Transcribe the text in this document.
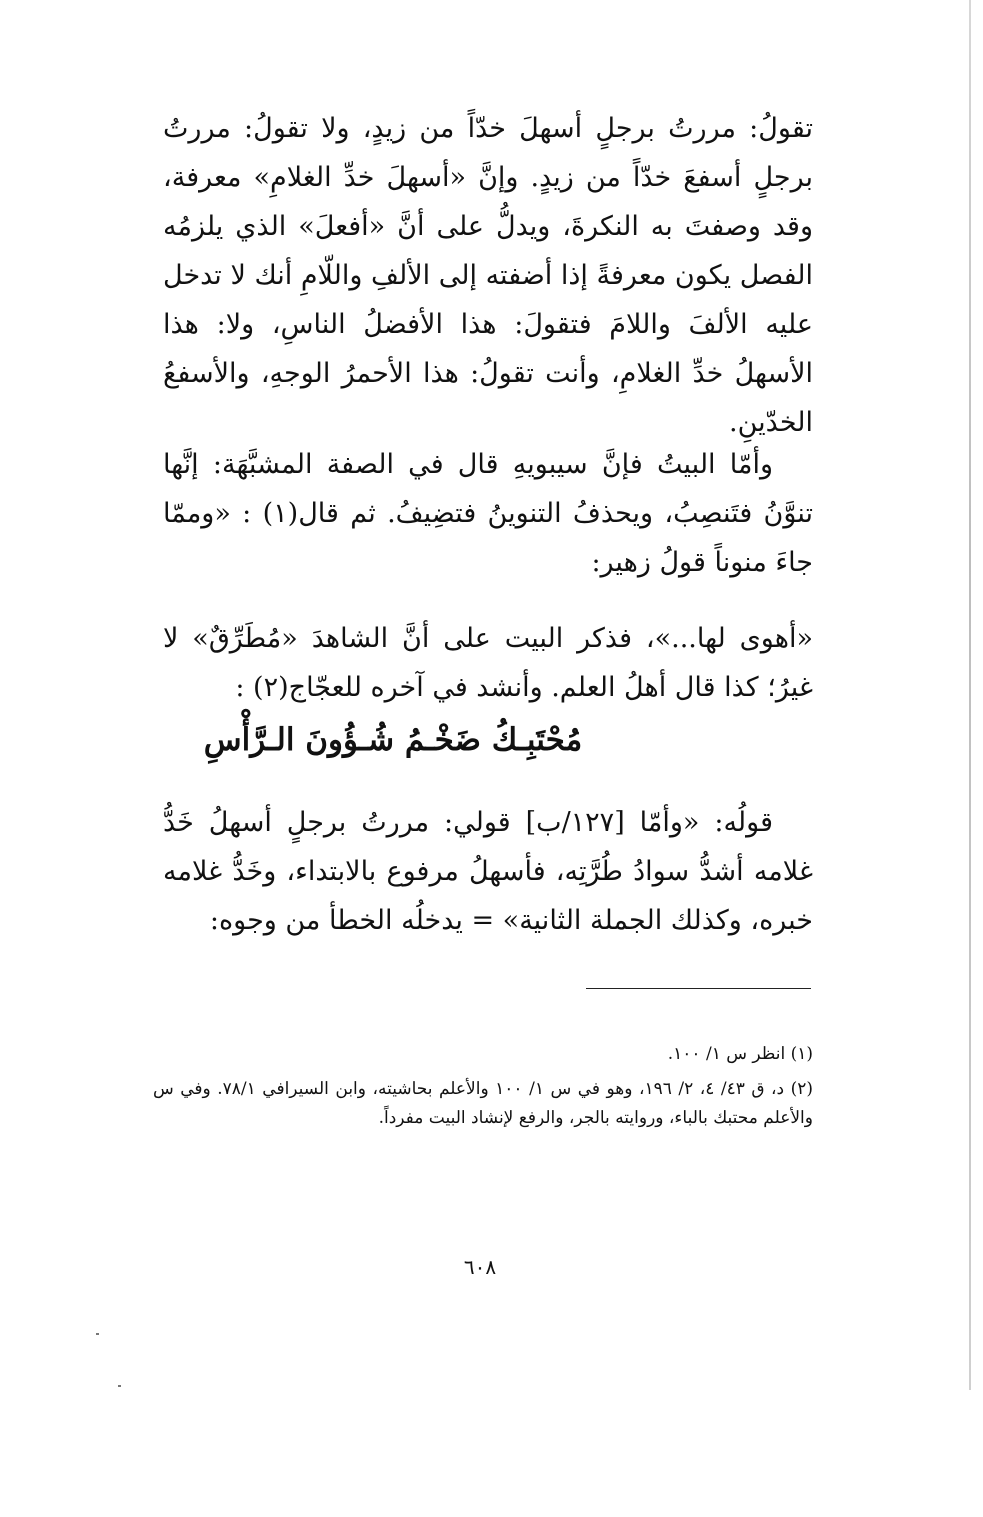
تقولُ: مررتُ برجلٍ أسهلَ خدّاً من زيدٍ، ولا تقولُ: مررتُ برجلٍ أسفعَ خدّاً من زيدٍ. وإنَّ «أسهلَ خدِّ الغلامِ» معرفة، وقد وصفتَ به النكرةَ، ويدلُّ على أنَّ «أفعلَ» الذي يلزمُه الفصل يكون معرفةً إذا أضفته إلى الألفِ واللّامِ أنك لا تدخل عليه الألفَ واللامَ فتقولَ: هذا الأفضلُ الناسِ، ولا: هذا الأسهلُ خدِّ الغلامِ، وأنت تقولُ: هذا الأحمرُ الوجهِ، والأسفعُ الخدّينِ.

وأمّا البيتُ فإنَّ سيبويهِ قال في الصفة المشبَّهَة: إنَّها تنوَّنُ فتَنصِبُ، ويحذفُ التنوينُ فتضِيفُ. ثم قال(١) : «وممّا جاءَ منوناً قولُ زهير:

«أهوى لها...»، فذكر البيت على أنَّ الشاهدَ «مُطَرِّقٌ» لا غيرُ؛ كذا قال أهلُ العلم. وأنشد في آخره للعجّاج(٢) :

مُحْتَبِـكُ ضَخْـمُ شُـؤُونَ الـرَّأْسِ

قولُه: «وأمّا [١٢٧/ب] قولي: مررتُ برجلٍ أسهلُ خَدُّ غلامه أشدُّ سوادُ طُرَّتِه، فأسهلُ مرفوع بالابتداء، وخَدُّ غلامه خبره، وكذلك الجملة الثانية» = يدخلُه الخطأ من وجوه:

(١) انظر س ١/ ١٠٠.
(٢) د، ق ٤٣/ ٤، ٢/ ١٩٦، وهو في س ١/ ١٠٠ والأعلم بحاشيته، وابن السيرافي ٧٨/١. وفي س والأعلم محتبك بالباء، وروايته بالجر، والرفع لإنشاد البيت مفرداً.
٦٠٨
